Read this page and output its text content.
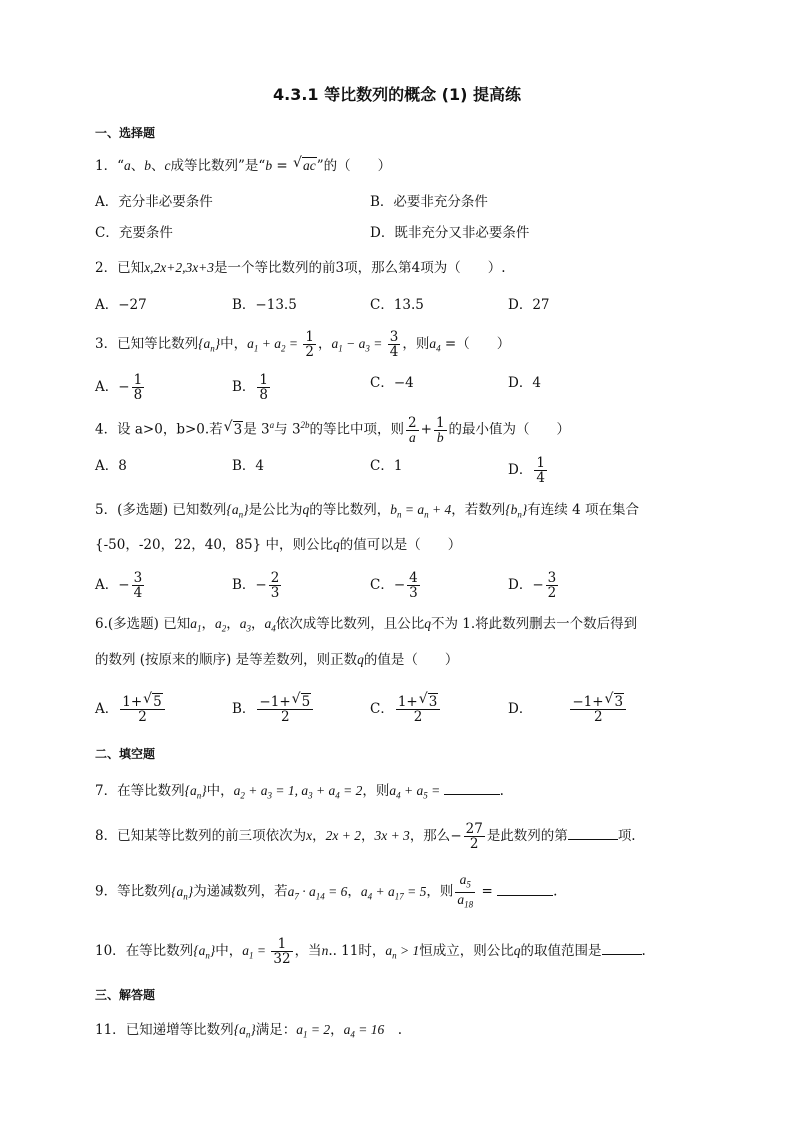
4.3.1 等比数列的概念 (1) 提高练
一、选择题
1．“a、b、c成等比数列”是“b = √ ac”的（　　）
A．充分非必要条件	B．必要非充分条件
C．充要条件	D．既非充分又非必要条件
2．已知x,2x+2,3x+3是一个等比数列的前3项，那么第4项为（　　）.
A．−27	B．−13.5	C．13.5	D．27
3．已知等比数列$\{a_n\}$中，$a_1 + a_2 = \frac{1}{2}$ ，$a_1 - a_3 = \frac{3}{4}$ ，则$a_4$ =（　　）
A．− $\frac{1}{8}$	B． $\frac{1}{8}$	C．−4	D．4
4．设 a>0，b>0.若 √ 3是 3$^a$与 $3^{2b}$的等比中项，则 $\frac{2}{a} + \frac{1}{b}$ 的最小值为（　　）
A．8	B．4	C．1	D． $\frac{1}{4}$
5．(多选题) 已知数列$\{a_n\}$是公比为q的等比数列，$b_n = a_n + 4$，若数列$\{b_n\}$有连续 4 项在集合
{-50，-20，22，40，85} 中，则公比q的值可以是（　　）
A．− $\frac{3}{4}$	B．− $\frac{2}{3}$	C．− $\frac{4}{3}$	D．− $\frac{3}{2}$
6.(多选题) 已知$a_1$，$a_2$，$a_3$，$a_4$依次成等比数列，且公比q不为 1.将此数列删去一个数后得到
的数列 (按原来的顺序) 是等差数列，则正数q的值是（　　）
A． $\frac{1+ √ 5}{2}$	B． $\frac{-1+ √ 5}{2}$	C． $\frac{1+ √ 3}{2}$	D．	$\frac{-1+ √ 3}{2}$
二、填空题
7．在等比数列$\{a_n\}$中，$a_2 + a_3 = 1$, $a_3 + a_4 = 2$，则$a_4 + a_5$ =	.
8．已知某等比数列的前三项依次为x，2x + 2，3x + 3，那么− $\frac{27}{2}$ 是此数列的第	项.
9．等比数列$\{a_n\}$为递减数列，若$a_7 \cdot a_{14} = 6$，$a_4 + a_{17} = 5$，则 $\frac{a_5}{a_{18}}$ =	.
10．在等比数列$\{a_n\}$中，$a_1 = \frac{1}{32}$ ，当n.. 11时，$a_n > 1$恒成立，则公比q的取值范围是	.
三、解答题
11．已知递增等比数列$\{a_n\}$满足：$a_1 = 2$，$a_4 = 16$　.
